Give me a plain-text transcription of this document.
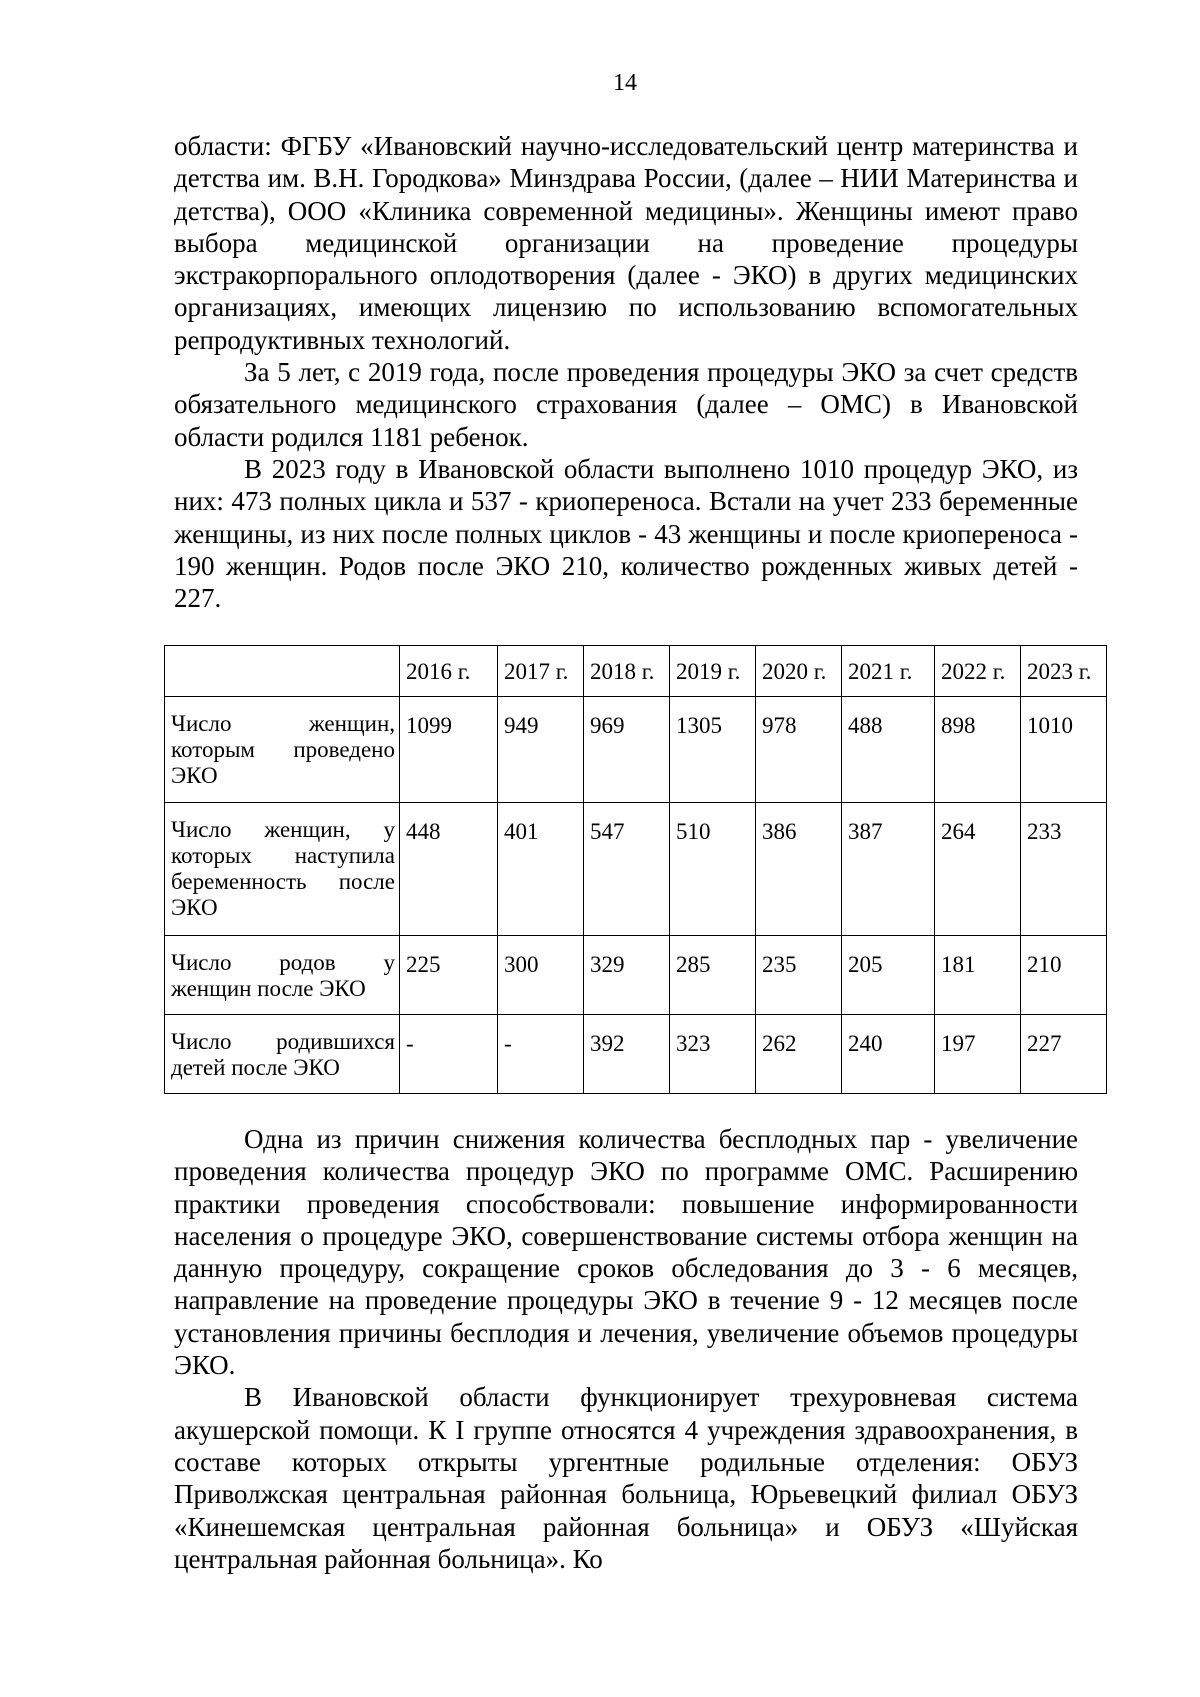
14

области: ФГБУ «Ивановский научно-исследовательский центр материнства и детства им. В.Н. Городкова» Минздрава России, (далее – НИИ Материнства и детства), ООО «Клиника современной медицины». Женщины имеют право выбора медицинской организации на проведение процедуры экстракорпорального оплодотворения (далее - ЭКО) в других медицинских организациях, имеющих лицензию по использованию вспомогательных репродуктивных технологий.

За 5 лет, с 2019 года, после проведения процедуры ЭКО за счет средств обязательного медицинского страхования (далее – ОМС) в Ивановской области родился 1181 ребенок.

В 2023 году в Ивановской области выполнено 1010 процедур ЭКО, из них: 473 полных цикла и 537 - криопереноса. Встали на учет 233 беременные женщины, из них после полных циклов - 43 женщины и после криопереноса - 190 женщин. Родов после ЭКО 210, количество рожденных живых детей - 227.

	2016 г.	2017 г.	2018 г.	2019 г.	2020 г.	2021 г.	2022 г.	2023 г.
Число женщин, которым проведено ЭКО	1099	949	969	1305	978	488	898	1010
Число женщин, у которых наступила беременность после ЭКО	448	401	547	510	386	387	264	233
Число родов у женщин после ЭКО	225	300	329	285	235	205	181	210
Число родившихся детей после ЭКО	-	-	392	323	262	240	197	227

Одна из причин снижения количества бесплодных пар - увеличение проведения количества процедур ЭКО по программе ОМС. Расширению практики проведения способствовали: повышение информированности населения о процедуре ЭКО, совершенствование системы отбора женщин на данную процедуру, сокращение сроков обследования до 3 - 6 месяцев, направление на проведение процедуры ЭКО в течение 9 - 12 месяцев после установления причины бесплодия и лечения, увеличение объемов процедуры ЭКО.

В Ивановской области функционирует трехуровневая система акушерской помощи. К I группе относятся 4 учреждения здравоохранения, в составе которых открыты ургентные родильные отделения: ОБУЗ Приволжская центральная районная больница, Юрьевецкий филиал ОБУЗ «Кинешемская центральная районная больница» и ОБУЗ «Шуйская центральная районная больница». Ко
